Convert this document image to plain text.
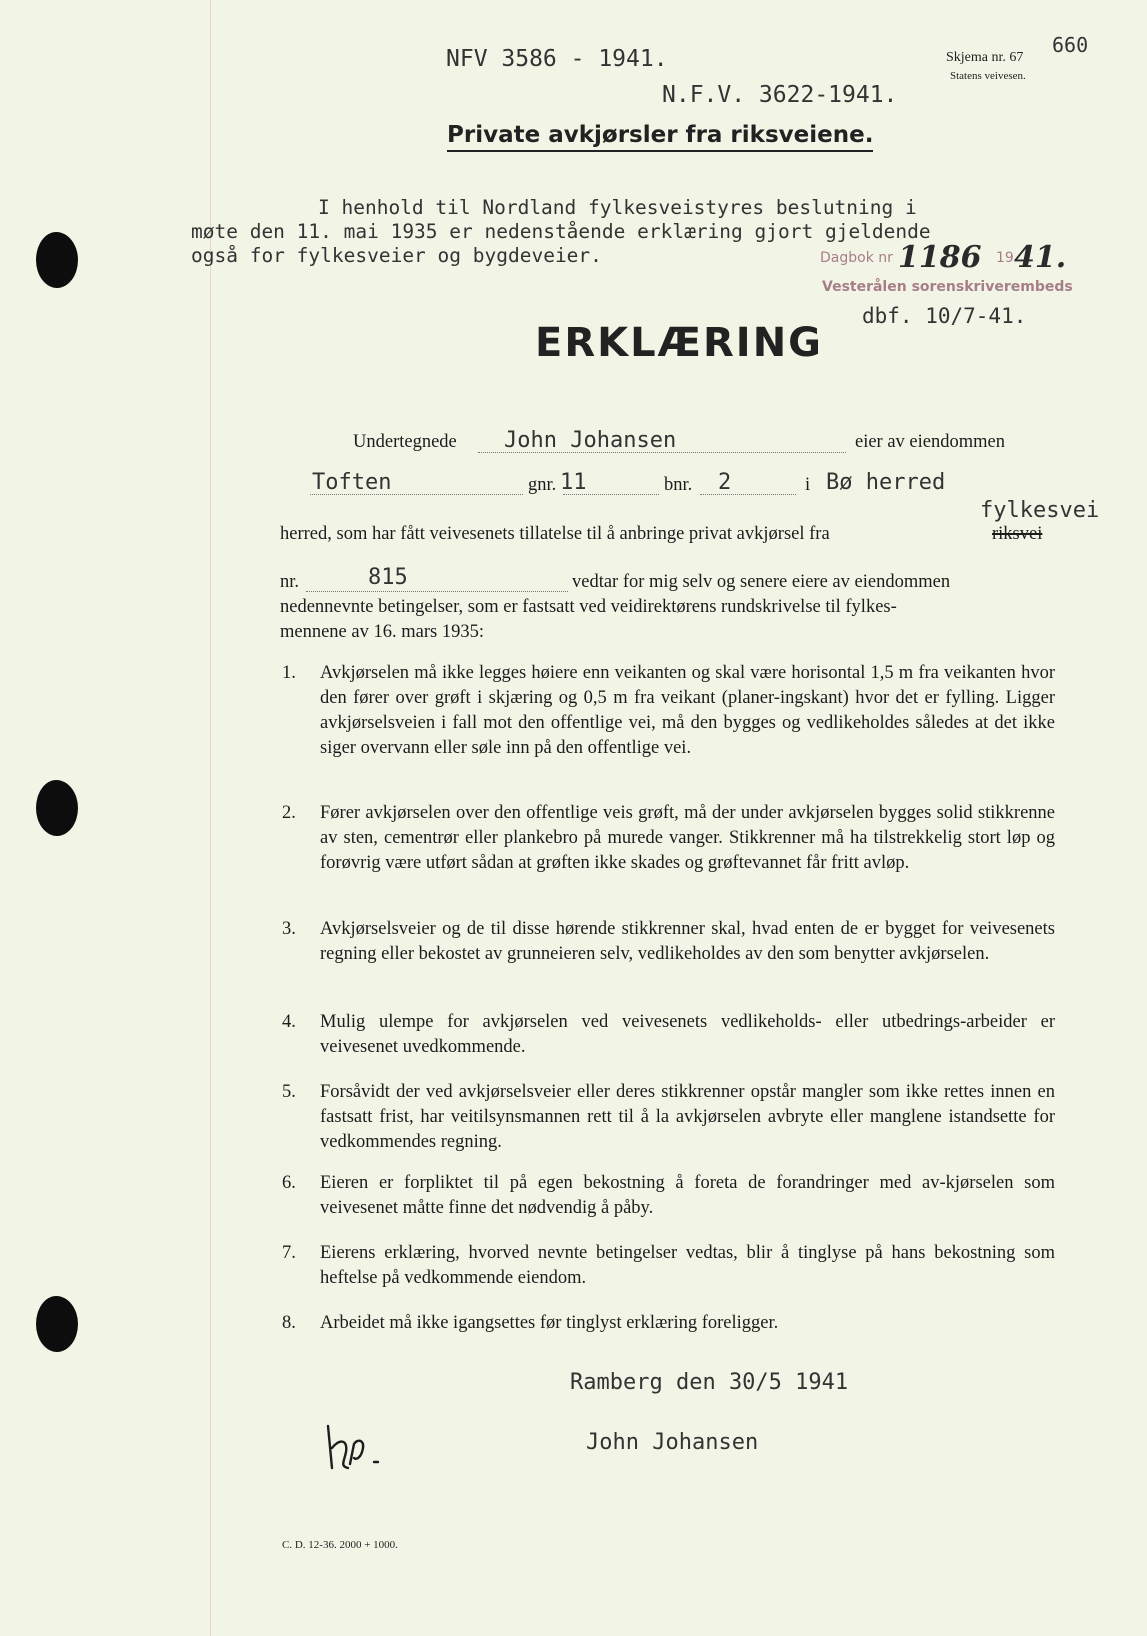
NFV 3586 - 1941.
N.F.V. 3622-1941.
Skjema nr. 67
Statens veivesen.
660
Private avkjørsler fra riksveiene.
I henhold til Nordland fylkesveistyres beslutning i
møte den 11. mai 1935 er nedenstående erklæring gjort gjeldende
også for fylkesveier og bygdeveier.	Dagbok nr 1186 19 41.
Vesterålen sorenskriverembeds
dbf. 10/7-41.
ERKLÆRING
Undertegnede John Johansen	eier av eiendommen
Toften	gnr. 11	bnr. 2	i Bø herred
fylkesvei
herred, som har fått veivesenets tillatelse til å anbringe privat avkjørsel fra	riksvei
nr.	815	vedtar for mig selv og senere eiere av eiendommen
nedennevnte betingelser, som er fastsatt ved veidirektørens rundskrivelse til fylkes-
mennene av 16. mars 1935:
1. Avkjørselen må ikke legges høiere enn veikanten og skal være horisontal 1,5 m fra veikanten hvor den fører over grøft i skjæring og 0,5 m fra veikant (planer-ingskant) hvor det er fylling. Ligger avkjørselsveien i fall mot den offentlige vei, må den bygges og vedlikeholdes således at det ikke siger overvann eller søle inn på den offentlige vei.
2. Fører avkjørselen over den offentlige veis grøft, må der under avkjørselen bygges solid stikkrenne av sten, cementrør eller plankebro på murede vanger. Stikkrenner må ha tilstrekkelig stort løp og forøvrig være utført sådan at grøften ikke skades og grøftevannet får fritt avløp.
3. Avkjørselsveier og de til disse hørende stikkrenner skal, hvad enten de er bygget for veivesenets regning eller bekostet av grunneieren selv, vedlikeholdes av den som benytter avkjørselen.
4. Mulig ulempe for avkjørselen ved veivesenets vedlikeholds- eller utbedrings-arbeider er veivesenet uvedkommende.
5. Forsåvidt der ved avkjørselsveier eller deres stikkrenner opstår mangler som ikke rettes innen en fastsatt frist, har veitilsynsmannen rett til å la avkjørselen avbryte eller manglene istandsette for vedkommendes regning.
6. Eieren er forpliktet til på egen bekostning å foreta de forandringer med av-kjørselen som veivesenet måtte finne det nødvendig å påby.
7. Eierens erklæring, hvorved nevnte betingelser vedtas, blir å tinglyse på hans bekostning som heftelse på vedkommende eiendom.
8. Arbeidet må ikke igangsettes før tinglyst erklæring foreligger.
Ramberg den 30/5 1941
John Johansen
C. D. 12-36. 2000 + 1000.
